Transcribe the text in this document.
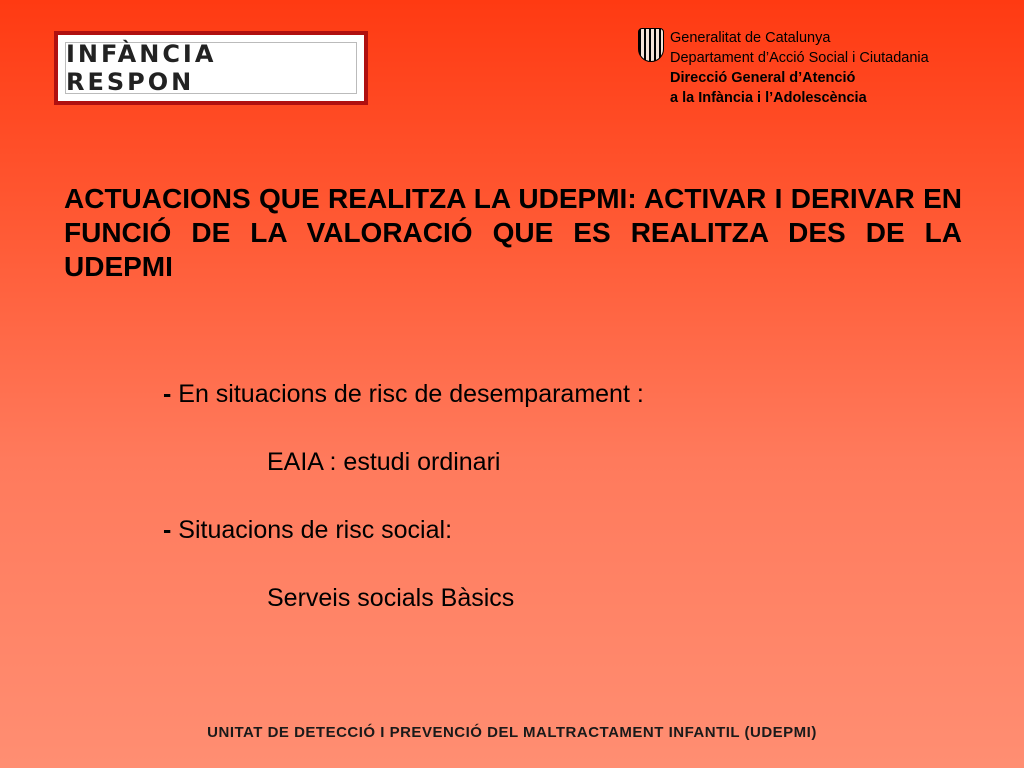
INFÀNCIA RESPON
Generalitat de Catalunya
Departament d’Acció Social i Ciutadania
Direcció General d’Atenció
a la Infància i l’Adolescència
ACTUACIONS QUE REALITZA LA UDEPMI: ACTIVAR I DERIVAR EN FUNCIÓ DE LA VALORACIÓ QUE ES REALITZA DES DE LA UDEPMI
- En situacions de risc de desemparament :
EAIA : estudi ordinari
- Situacions de risc social:
Serveis socials Bàsics
UNITAT DE DETECCIÓ I PREVENCIÓ DEL MALTRACTAMENT INFANTIL (UDEPMI)
